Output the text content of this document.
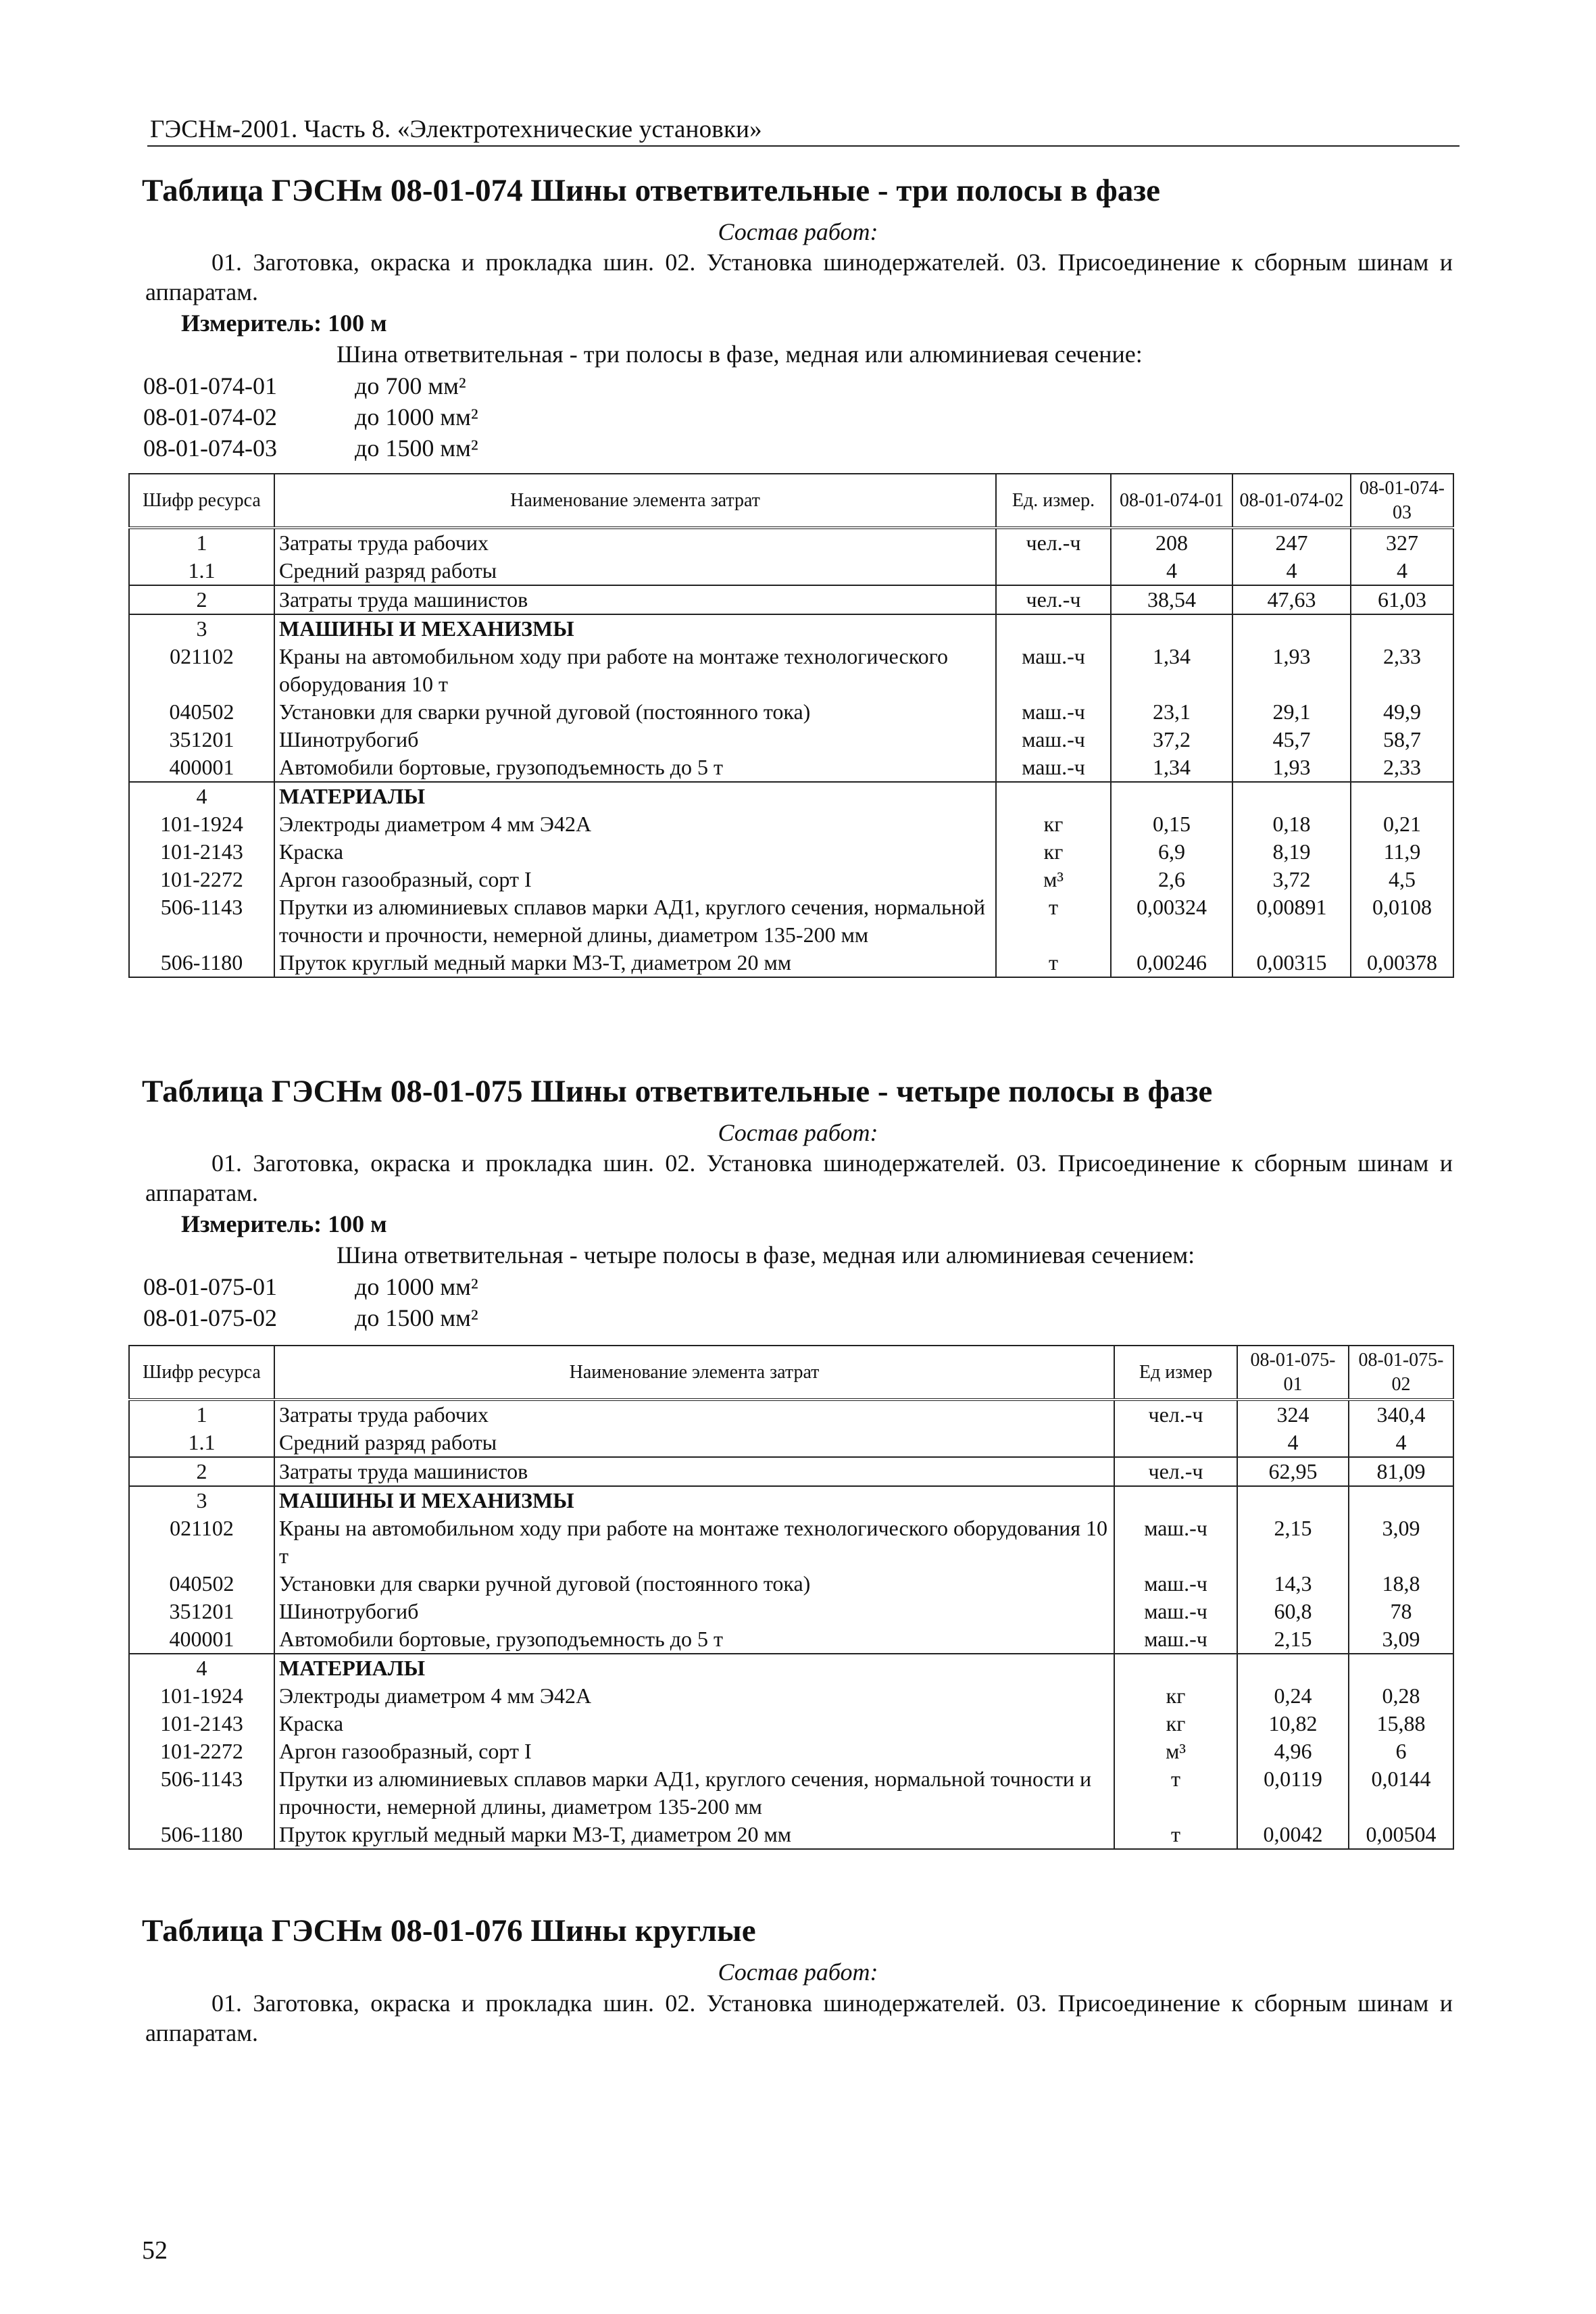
ГЭСНм-2001. Часть 8. «Электротехнические установки»
Таблица ГЭСНм 08-01-074 Шины ответвительные - три полосы в фазе
Состав работ:
01. Заготовка, окраска и прокладка шин. 02. Установка шинодержателей. 03. Присоединение к сборным шинам и аппаратам.
Измеритель: 100 м
Шина ответвительная - три полосы в фазе, медная или алюминиевая сечение:
08-01-074-01	до 700 мм²
08-01-074-02	до 1000 мм²
08-01-074-03	до 1500 мм²
Шифр ресурса	Наименование элемента затрат	Ед. измер.	08-01-074-01	08-01-074-02	08-01-074-03
1	Затраты труда рабочих	чел.-ч	208	247	327
1.1	Средний разряд работы		4	4	4
2	Затраты труда машинистов	чел.-ч	38,54	47,63	61,03
3	МАШИНЫ И МЕХАНИЗМЫ				
021102	Краны на автомобильном ходу при работе на монтаже технологического оборудования 10 т	маш.-ч	1,34	1,93	2,33
040502	Установки для сварки ручной дуговой (постоянного тока)	маш.-ч	23,1	29,1	49,9
351201	Шинотрубогиб	маш.-ч	37,2	45,7	58,7
400001	Автомобили бортовые, грузоподъемность до 5 т	маш.-ч	1,34	1,93	2,33
4	МАТЕРИАЛЫ				
101-1924	Электроды диаметром 4 мм Э42А	кг	0,15	0,18	0,21
101-2143	Краска	кг	6,9	8,19	11,9
101-2272	Аргон газообразный, сорт I	м³	2,6	3,72	4,5
506-1143	Прутки из алюминиевых сплавов марки АД1, круглого сечения, нормальной точности и прочности, немерной длины, диаметром 135-200 мм	т	0,00324	0,00891	0,0108
506-1180	Пруток круглый медный марки М3-Т, диаметром 20 мм	т	0,00246	0,00315	0,00378
Таблица ГЭСНм 08-01-075 Шины ответвительные - четыре полосы в фазе
Состав работ:
01. Заготовка, окраска и прокладка шин. 02. Установка шинодержателей. 03. Присоединение к сборным шинам и аппаратам.
Измеритель: 100 м
Шина ответвительная - четыре полосы в фазе, медная или алюминиевая сечением:
08-01-075-01	до 1000 мм²
08-01-075-02	до 1500 мм²
Шифр ресурса	Наименование элемента затрат	Ед измер	08-01-075-01	08-01-075-02
1	Затраты труда рабочих	чел.-ч	324	340,4
1.1	Средний разряд работы		4	4
2	Затраты труда машинистов	чел.-ч	62,95	81,09
3	МАШИНЫ И МЕХАНИЗМЫ			
021102	Краны на автомобильном ходу при работе на монтаже технологического оборудования 10 т	маш.-ч	2,15	3,09
040502	Установки для сварки ручной дуговой (постоянного тока)	маш.-ч	14,3	18,8
351201	Шинотрубогиб	маш.-ч	60,8	78
400001	Автомобили бортовые, грузоподъемность до 5 т	маш.-ч	2,15	3,09
4	МАТЕРИАЛЫ			
101-1924	Электроды диаметром 4 мм Э42А	кг	0,24	0,28
101-2143	Краска	кг	10,82	15,88
101-2272	Аргон газообразный, сорт I	м³	4,96	6
506-1143	Прутки из алюминиевых сплавов марки АД1, круглого сечения, нормальной точности и прочности, немерной длины, диаметром 135-200 мм	т	0,0119	0,0144
506-1180	Пруток круглый медный марки М3-Т, диаметром 20 мм	т	0,0042	0,00504
Таблица ГЭСНм 08-01-076 Шины круглые
Состав работ:
01. Заготовка, окраска и прокладка шин. 02. Установка шинодержателей. 03. Присоединение к сборным шинам и аппаратам.
52
